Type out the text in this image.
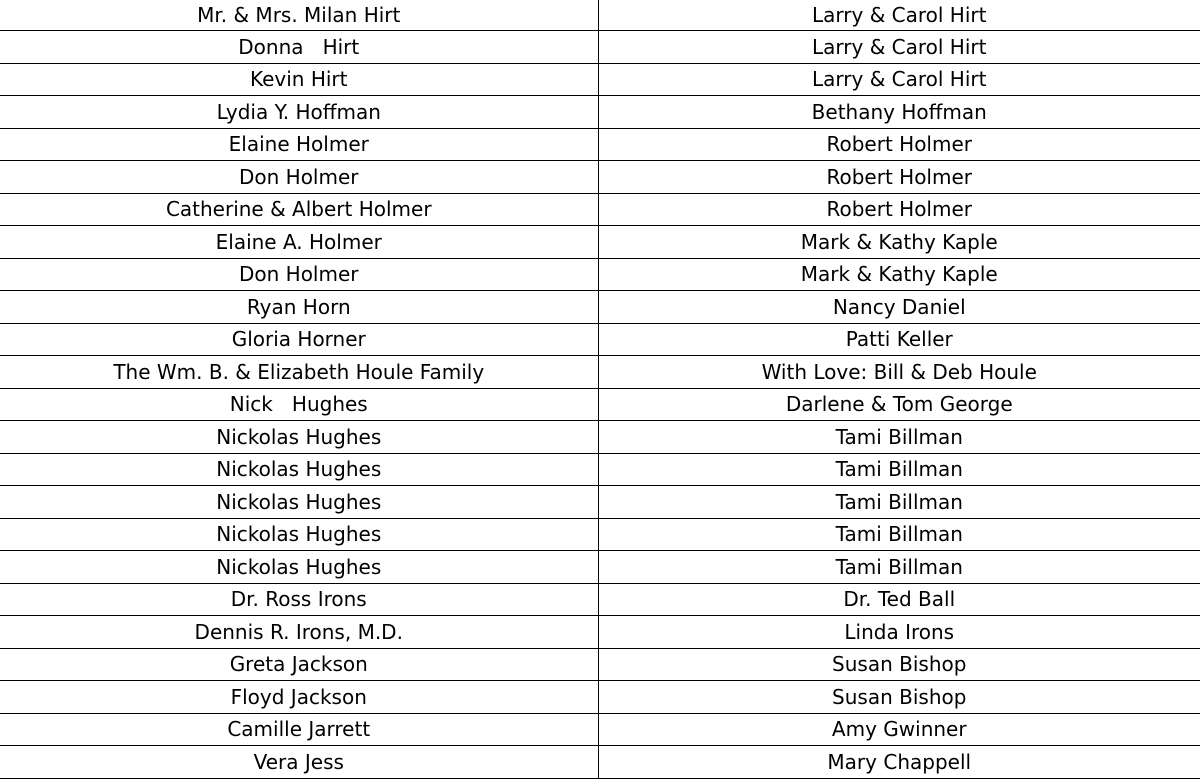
Mr. & Mrs. Milan Hirt	Larry & Carol Hirt
Donna   Hirt	Larry & Carol Hirt
Kevin Hirt	Larry & Carol Hirt
Lydia Y. Hoffman	Bethany Hoffman
Elaine Holmer	Robert Holmer
Don Holmer	Robert Holmer
Catherine & Albert Holmer	Robert Holmer
Elaine A. Holmer	Mark & Kathy Kaple
Don Holmer	Mark & Kathy Kaple
Ryan Horn	Nancy Daniel
Gloria Horner	Patti Keller
The Wm. B. & Elizabeth Houle Family	With Love: Bill & Deb Houle
Nick   Hughes	Darlene & Tom George
Nickolas Hughes	Tami Billman
Nickolas Hughes	Tami Billman
Nickolas Hughes	Tami Billman
Nickolas Hughes	Tami Billman
Nickolas Hughes	Tami Billman
Dr. Ross Irons	Dr. Ted Ball
Dennis R. Irons, M.D.	Linda Irons
Greta Jackson	Susan Bishop
Floyd Jackson	Susan Bishop
Camille Jarrett	Amy Gwinner
Vera Jess	Mary Chappell
